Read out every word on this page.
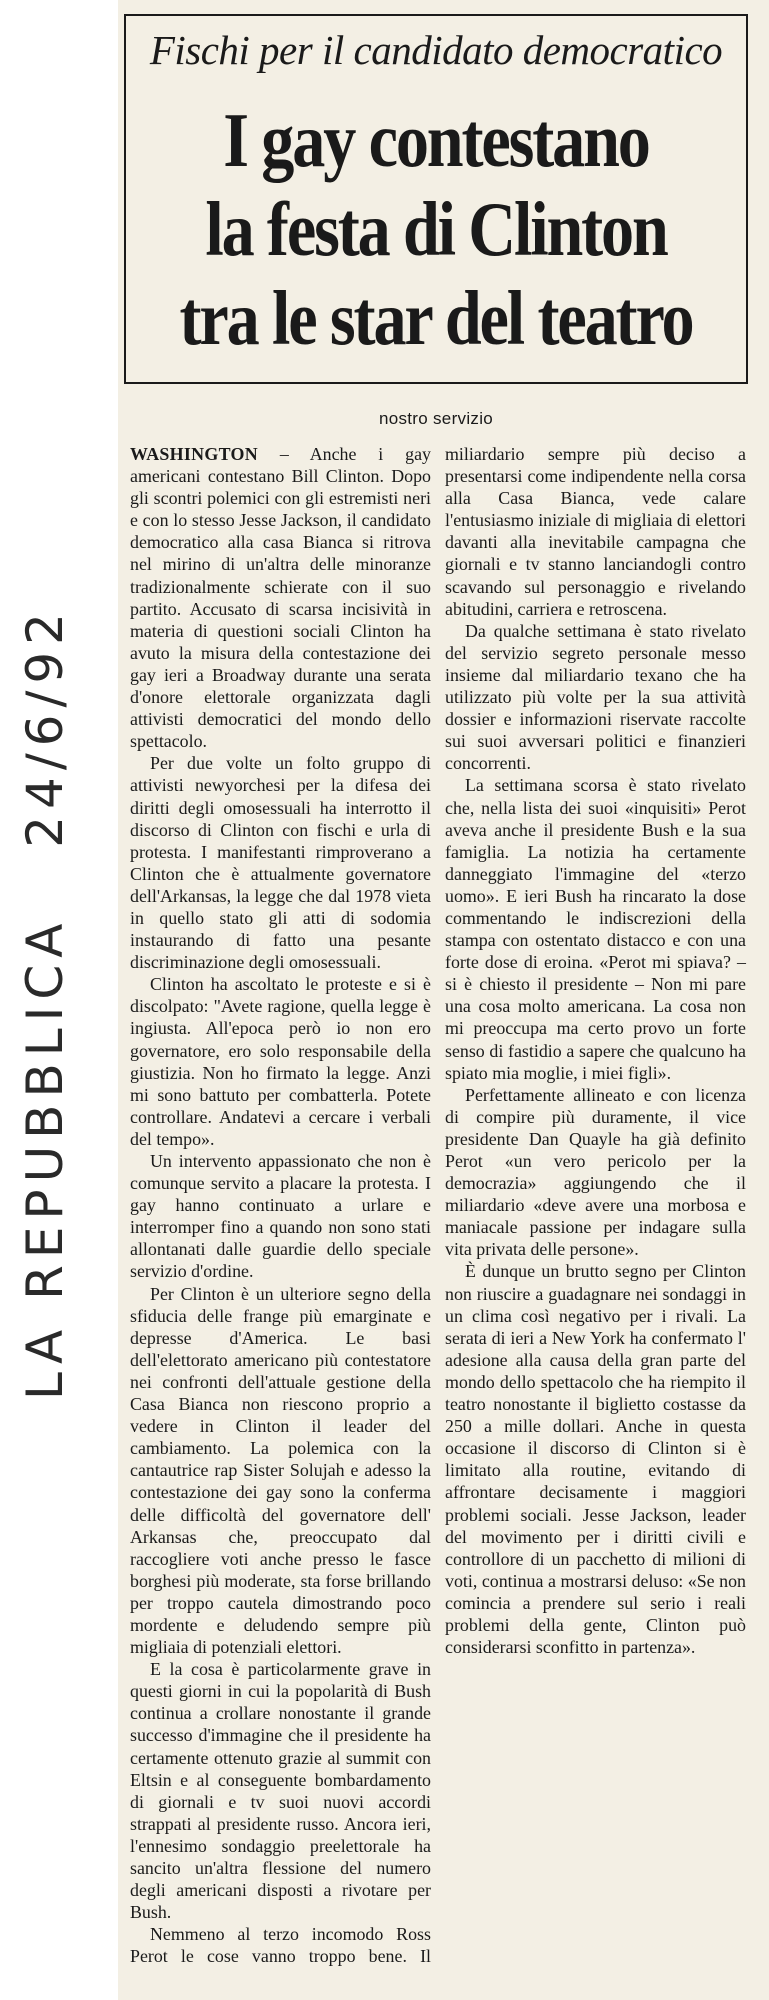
LA REPUBBLICA   24/6/92
Fischi per il candidato democratico
I gay contestano
la festa di Clinton
tra le star del teatro
nostro servizio

WASHINGTON – Anche i gay americani contestano Bill Clinton. Dopo gli scontri polemici con gli estremisti neri e con lo stesso Jesse Jackson, il candidato democratico alla casa Bianca si ritrova nel mirino di un'altra delle minoranze tradizionalmente schierate con il suo partito. Accusato di scarsa incisività in materia di questioni sociali Clinton ha avuto la misura della contestazione dei gay ieri a Broadway durante una serata d'onore elettorale organizzata dagli attivisti democratici del mondo dello spettacolo.

Per due volte un folto gruppo di attivisti newyorchesi per la difesa dei diritti degli omosessuali ha interrotto il discorso di Clinton con fischi e urla di protesta. I manifestanti rimproverano a Clinton che è attualmente governatore dell'Arkansas, la legge che dal 1978 vieta in quello stato gli atti di sodomia instaurando di fatto una pesante discriminazione degli omosessuali.

Clinton ha ascoltato le proteste e si è discolpato: "Avete ragione, quella legge è ingiusta. All'epoca però io non ero governatore, ero solo responsabile della giustizia. Non ho firmato la legge. Anzi mi sono battuto per combatterla. Potete controllare. Andatevi a cercare i verbali del tempo».

Un intervento appassionato che non è comunque servito a placare la protesta. I gay hanno continuato a urlare e interromper fino a quando non sono stati allontanati dalle guardie dello speciale servizio d'ordine.

Per Clinton è un ulteriore segno della sfiducia delle frange più emarginate e depresse d'America. Le basi dell'elettorato americano più contestatore nei confronti dell'attuale gestione della Casa Bianca non riescono proprio a vedere in Clinton il leader del cambiamento. La polemica con la cantautrice rap Sister Solujah e adesso la contestazione dei gay sono la conferma delle difficoltà del governatore dell' Arkansas che, preoccupato dal raccogliere voti anche presso le fasce borghesi più moderate, sta forse brillando per troppo cautela dimostrando poco mordente e deludendo sempre più migliaia di potenziali elettori.

E la cosa è particolarmente grave in questi giorni in cui la popolarità di Bush continua a crollare nonostante il grande successo d'immagine che il presidente ha certamente ottenuto grazie al summit con Eltsin e al conseguente bombardamento di giornali e tv suoi nuovi accordi strappati al presidente russo. Ancora ieri, l'ennesimo sondaggio preelettorale ha sancito un'altra flessione del numero degli americani disposti a rivotare per Bush.

Nemmeno al terzo incomodo Ross Perot le cose vanno troppo bene. Il miliardario sempre più deciso a presentarsi come indipendente nella corsa alla Casa Bianca, vede calare l'entusiasmo iniziale di migliaia di elettori davanti alla inevitabile campagna che giornali e tv stanno lanciandogli contro scavando sul personaggio e rivelando abitudini, carriera e retroscena.

Da qualche settimana è stato rivelato del servizio segreto personale messo insieme dal miliardario texano che ha utilizzato più volte per la sua attività dossier e informazioni riservate raccolte sui suoi avversari politici e finanzieri concorrenti.

La settimana scorsa è stato rivelato che, nella lista dei suoi «inquisiti» Perot aveva anche il presidente Bush e la sua famiglia. La notizia ha certamente danneggiato l'immagine del «terzo uomo». E ieri Bush ha rincarato la dose commentando le indiscrezioni della stampa con ostentato distacco e con una forte dose di eroina. «Perot mi spiava? – si è chiesto il presidente – Non mi pare una cosa molto americana. La cosa non mi preoccupa ma certo provo un forte senso di fastidio a sapere che qualcuno ha spiato mia moglie, i miei figli».

Perfettamente allineato e con licenza di compire più duramente, il vice presidente Dan Quayle ha già definito Perot «un vero pericolo per la democrazia» aggiungendo che il miliardario «deve avere una morbosa e maniacale passione per indagare sulla vita privata delle persone».

È dunque un brutto segno per Clinton non riuscire a guadagnare nei sondaggi in un clima così negativo per i rivali. La serata di ieri a New York ha confermato l' adesione alla causa della gran parte del mondo dello spettacolo che ha riempito il teatro nonostante il biglietto costasse da 250 a mille dollari. Anche in questa occasione il discorso di Clinton si è limitato alla routine, evitando di affrontare decisamente i maggiori problemi sociali. Jesse Jackson, leader del movimento per i diritti civili e controllore di un pacchetto di milioni di voti, continua a mostrarsi deluso: «Se non comincia a prendere sul serio i reali problemi della gente, Clinton può considerarsi sconfitto in partenza».
